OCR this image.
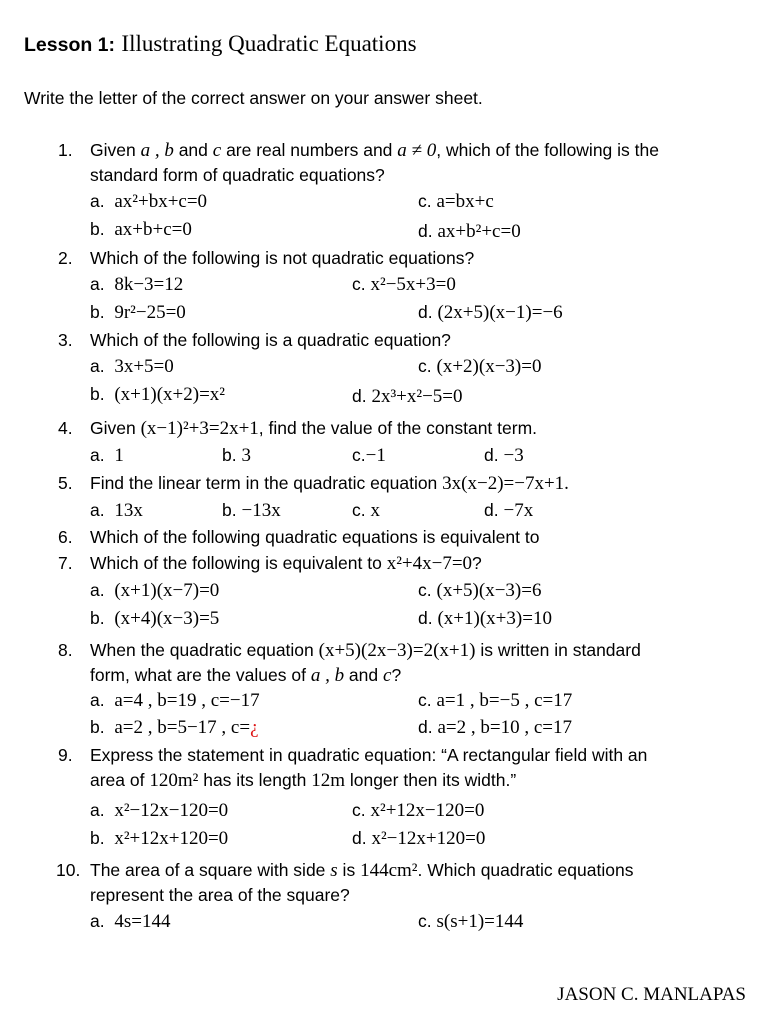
Lesson 1: Illustrating Quadratic Equations
Write the letter of the correct answer on your answer sheet.
1. Given a , b and c are real numbers and a ≠ 0, which of the following is the
standard form of quadratic equations?
a. ax²+bx+c=0	c. a=bx+c
b. ax+b+c=0	d. ax+b²+c=0
2. Which of the following is not quadratic equations?
a. 8k−3=12	c. x²−5x+3=0
b. 9r²−25=0	d. (2x+5)(x−1)=−6
3. Which of the following is a quadratic equation?
a. 3x+5=0	c. (x+2)(x−3)=0
b. (x+1)(x+2)=x²	d. 2x³+x²−5=0
4. Given (x−1)²+3=2x+1, find the value of the constant term.
a. 1	b. 3	c.−1	d. −3
5. Find the linear term in the quadratic equation 3x(x−2)=−7x+1.
a. 13x	b. −13x	c. x	d. −7x
6. Which of the following quadratic equations is equivalent to
7. Which of the following is equivalent to x²+4x−7=0?
a. (x+1)(x−7)=0	c. (x+5)(x−3)=6
b. (x+4)(x−3)=5	d. (x+1)(x+3)=10
8. When the quadratic equation (x+5)(2x−3)=2(x+1) is written in standard
form, what are the values of a , b and c?
a. a=4 , b=19 , c=−17	c. a=1 , b=−5 , c=17
b. a=2 , b=5−17 , c=¿	d. a=2 , b=10 , c=17
9. Express the statement in quadratic equation: “A rectangular field with an
area of 120m² has its length 12m longer then its width.”
a. x²−12x−120=0	c. x²+12x−120=0
b. x²+12x+120=0	d. x²−12x+120=0
10. The area of a square with side s is 144cm². Which quadratic equations
represent the area of the square?
a. 4s=144	c. s(s+1)=144
JASON C. MANLAPAS
